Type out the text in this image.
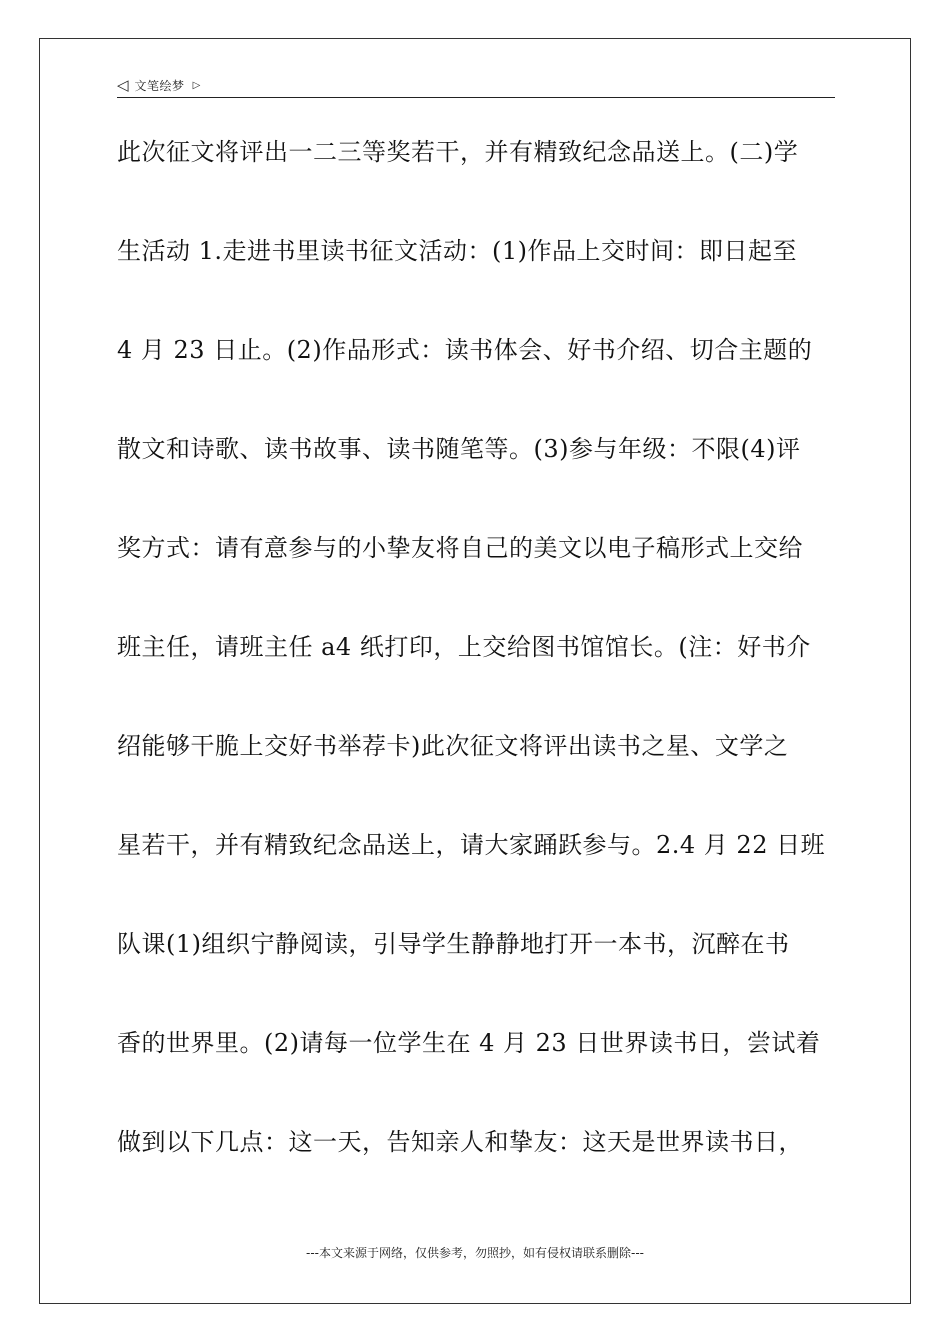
◁ 文笔绘梦 ▷
此次征文将评出一二三等奖若干，并有精致纪念品送上。(二)学
生活动 1.走进书里读书征文活动：(1)作品上交时间：即日起至
4 月 23 日止。(2)作品形式：读书体会、好书介绍、切合主题的
散文和诗歌、读书故事、读书随笔等。(3)参与年级：不限(4)评
奖方式：请有意参与的小挚友将自己的美文以电子稿形式上交给
班主任，请班主任 a4 纸打印，上交给图书馆馆长。(注：好书介
绍能够干脆上交好书举荐卡)此次征文将评出读书之星、文学之
星若干，并有精致纪念品送上，请大家踊跃参与。2.4 月 22 日班
队课(1)组织宁静阅读，引导学生静静地打开一本书，沉醉在书
香的世界里。(2)请每一位学生在 4 月 23 日世界读书日，尝试着
做到以下几点：这一天，告知亲人和挚友：这天是世界读书日，
---本文来源于网络，仅供参考，勿照抄，如有侵权请联系删除---
